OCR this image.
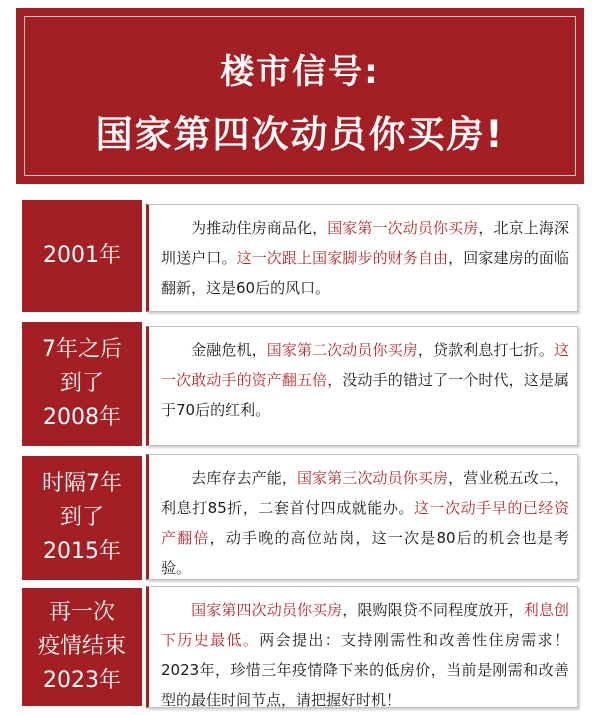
楼市信号:
国家第四次动员你买房!
2001年
为推动住房商品化，国家第一次动员你买房，北京上海深圳送户口。这一次跟上国家脚步的财务自由，回家建房的面临翻新，这是60后的风口。
7年之后
到了
2008年
金融危机，国家第二次动员你买房，贷款利息打七折。这一次敢动手的资产翻五倍，没动手的错过了一个时代，这是属于70后的红利。
时隔7年
到了
2015年
去库存去产能，国家第三次动员你买房，营业税五改二，利息打85折，二套首付四成就能办。这一次动手早的已经资产翻倍，动手晚的高位站岗，这一次是80后的机会也是考验。
再一次
疫情结束
2023年
国家第四次动员你买房，限购限贷不同程度放开，利息创下历史最低。两会提出：支持刚需性和改善性住房需求！2023年，珍惜三年疫情降下来的低房价，当前是刚需和改善型的最佳时间节点，请把握好时机！
